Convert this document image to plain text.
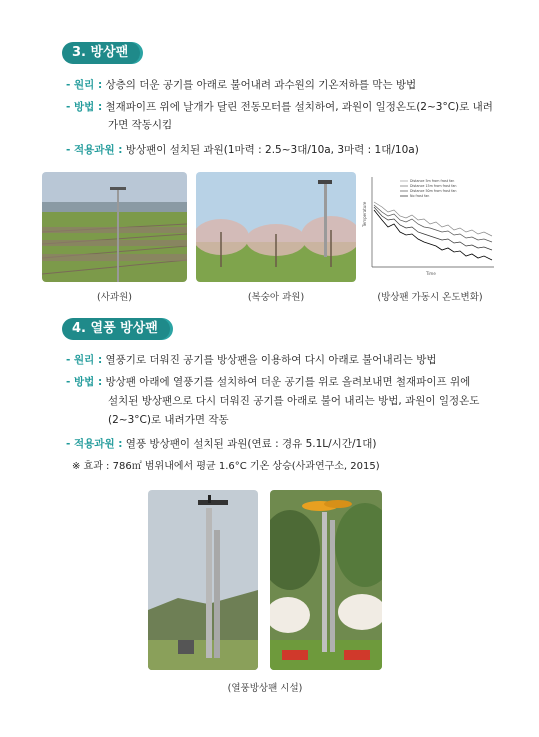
3. 방상팬
- 원리 : 상층의 더운 공기를 아래로 불어내려 과수원의 기온저하를 막는 방법
- 방법 : 철재파이프 위에 날개가 달린 전동모터를 설치하여, 과원이 일정온도(2~3°C)로 내려
가면 작동시킴
- 적용과원 : 방상팬이 설치된 과원(1마력 : 2.5~3대/10a, 3마력 : 1대/10a)
Temperature
Time
Distance 5m from frost fan
Distance 15m from frost fan
Distance 50m from frost fan
No frost fan
(사과원)	(복숭아 과원)	(방상팬 가동시 온도변화)
4. 열풍 방상팬
- 원리 : 열풍기로 더워진 공기를 방상팬을 이용하여 다시 아래로 불어내리는 방법
- 방법 : 방상팬 아래에 열풍기를 설치하여 더운 공기를 위로 올려보내면 철재파이프 위에
설치된 방상팬으로 다시 더워진 공기를 아래로 불어 내리는 방법, 과원이 일정온도
(2~3°C)로 내려가면 작동
- 적용과원 : 열풍 방상팬이 설치된 과원(연료 : 경유 5.1L/시간/1대)
※ 효과 : 786㎡ 범위내에서 평균 1.6°C 기온 상승(사과연구소, 2015)
(열풍방상팬 시설)
